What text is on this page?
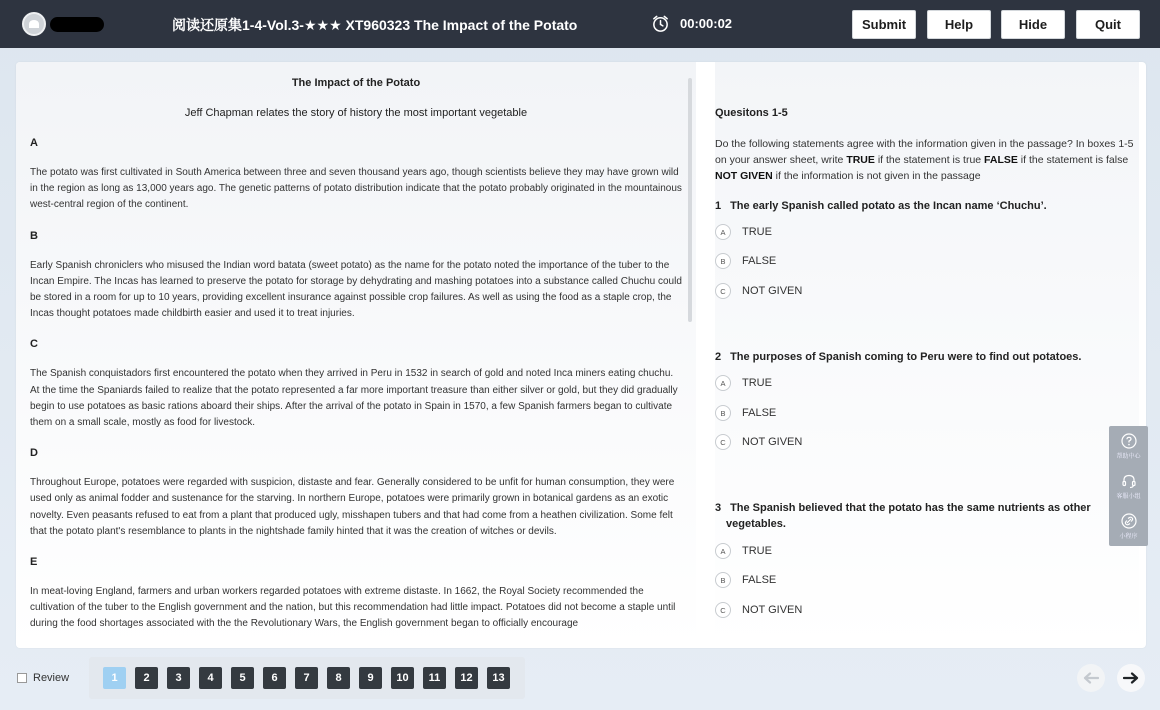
阅读还原集1-4-Vol.3-★★★ XT960323 The Impact of the Potato	00:00:02	Submit	Help	Hide	Quit
The Impact of the Potato
Jeff Chapman relates the story of history the most important vegetable
A
The potato was first cultivated in South America between three and seven thousand years ago, though scientists believe they may have grown wild in the region as long as 13,000 years ago. The genetic patterns of potato distribution indicate that the potato probably originated in the mountainous west-central region of the continent.
B
Early Spanish chroniclers who misused the Indian word batata (sweet potato) as the name for the potato noted the importance of the tuber to the Incan Empire. The Incas has learned to preserve the potato for storage by dehydrating and mashing potatoes into a substance called Chuchu could be stored in a room for up to 10 years, providing excellent insurance against possible crop failures. As well as using the food as a staple crop, the Incas thought potatoes made childbirth easier and used it to treat injuries.
C
The Spanish conquistadors first encountered the potato when they arrived in Peru in 1532 in search of gold and noted Inca miners eating chuchu. At the time the Spaniards failed to realize that the potato represented a far more important treasure than either silver or gold, but they did gradually begin to use potatoes as basic rations aboard their ships. After the arrival of the potato in Spain in 1570, a few Spanish farmers began to cultivate them on a small scale, mostly as food for livestock.
D
Throughout Europe, potatoes were regarded with suspicion, distaste and fear. Generally considered to be unfit for human consumption, they were used only as animal fodder and sustenance for the starving. In northern Europe, potatoes were primarily grown in botanical gardens as an exotic novelty. Even peasants refused to eat from a plant that produced ugly, misshapen tubers and that had come from a heathen civilization. Some felt that the potato plant's resemblance to plants in the nightshade family hinted that it was the creation of witches or devils.
E
In meat-loving England, farmers and urban workers regarded potatoes with extreme distaste. In 1662, the Royal Society recommended the cultivation of the tuber to the English government and the nation, but this recommendation had little impact. Potatoes did not become a staple until during the food shortages associated with the the Revolutionary Wars, the English government began to officially encourage
Quesitons 1-5
Do the following statements agree with the information given in the passage? In boxes 1-5 on your answer sheet, write TRUE if the statement is true FALSE if the statement is false NOT GIVEN if the information is not given in the passage
1 The early Spanish called potato as the Incan name ‘Chuchu’.
A	TRUE
B	FALSE
C	NOT GIVEN
2 The purposes of Spanish coming to Peru were to find out potatoes.
A	TRUE
B	FALSE
C	NOT GIVEN
3 The Spanish believed that the potato has the same nutrients as other vegetables.
A	TRUE
B	FALSE
C	NOT GIVEN
帮助中心
客服小组
小程序
Review	1	2	3	4	5	6	7	8	9	10	11	12	13
